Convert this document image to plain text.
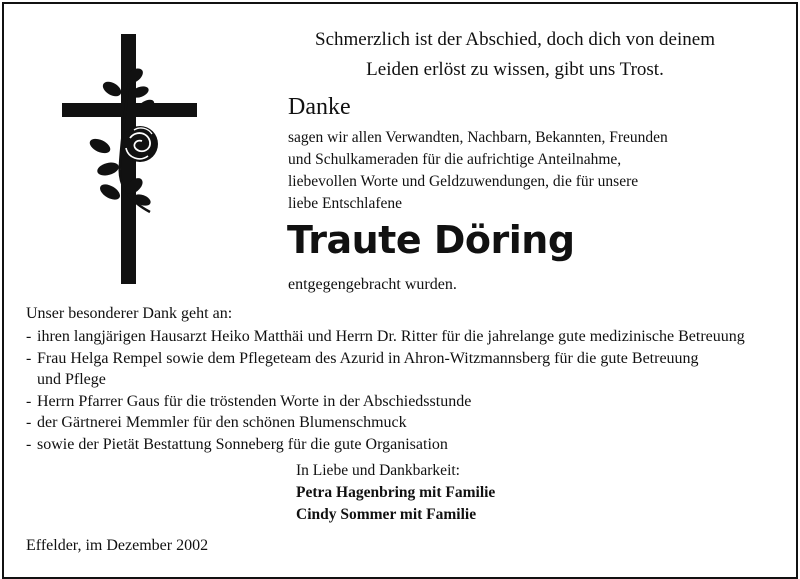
Schmerzlich ist der Abschied, doch dich von deinem
Leiden erlöst zu wissen, gibt uns Trost.
Danke
sagen wir allen Verwandten, Nachbarn, Bekannten, Freunden
und Schulkameraden für die aufrichtige Anteilnahme,
liebevollen Worte und Geldzuwendungen, die für unsere
liebe Entschlafene
Traute Döring
entgegengebracht wurden.
Unser besonderer Dank geht an:
- ihren langjärigen Hausarzt Heiko Matthäi und Herrn Dr. Ritter für die jahrelange gute medizinische Betreuung
- Frau Helga Rempel sowie dem Pflegeteam des Azurid in Ahron-Witzmannsberg für die gute Betreuung
und Pflege
- Herrn Pfarrer Gaus für die tröstenden Worte in der Abschiedsstunde
- der Gärtnerei Memmler für den schönen Blumenschmuck
- sowie der Pietät Bestattung Sonneberg für die gute Organisation
In Liebe und Dankbarkeit:
Petra Hagenbring mit Familie
Cindy Sommer mit Familie
Effelder, im Dezember 2002
